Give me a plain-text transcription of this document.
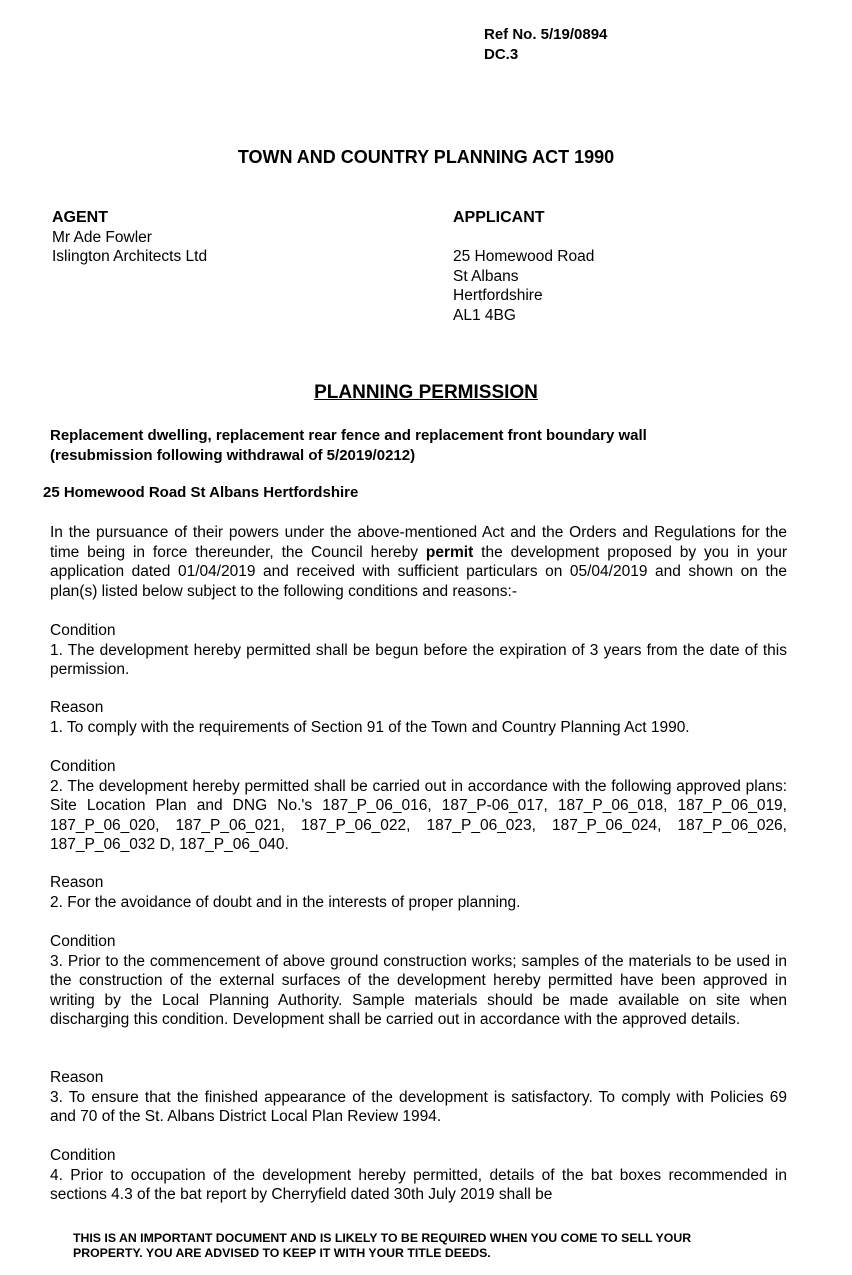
Ref No. 5/19/0894
DC.3
TOWN AND COUNTRY PLANNING ACT 1990
AGENT
Mr Ade Fowler
Islington Architects Ltd
APPLICANT

25 Homewood Road
St Albans
Hertfordshire
AL1 4BG
PLANNING PERMISSION
Replacement dwelling, replacement rear fence and replacement front boundary wall
(resubmission following withdrawal of 5/2019/0212)
25 Homewood Road St Albans Hertfordshire

In the pursuance of their powers under the above-mentioned Act and the Orders and Regulations for the time being in force thereunder, the Council hereby permit the development proposed by you in your application dated 01/04/2019 and received with sufficient particulars on 05/04/2019 and shown on the plan(s) listed below subject to the following conditions and reasons:-

Condition

1. The development hereby permitted shall be begun before the expiration of 3 years from the date of this permission.

Reason

1. To comply with the requirements of Section 91 of the Town and Country Planning Act 1990.

Condition

2. The development hereby permitted shall be carried out in accordance with the following approved plans: Site Location Plan and DNG No.'s 187_P_06_016, 187_P-06_017, 187_P_06_018, 187_P_06_019, 187_P_06_020, 187_P_06_021, 187_P_06_022, 187_P_06_023, 187_P_06_024, 187_P_06_026, 187_P_06_032 D, 187_P_06_040.

Reason

2. For the avoidance of doubt and in the interests of proper planning.

Condition

3. Prior to the commencement of above ground construction works; samples of the materials to be used in the construction of the external surfaces of the development hereby permitted have been approved in writing by the Local Planning Authority. Sample materials should be made available on site when discharging this condition. Development shall be carried out in accordance with the approved details.

Reason

3. To ensure that the finished appearance of the development is satisfactory. To comply with Policies 69 and 70 of the St. Albans District Local Plan Review 1994.

Condition

4. Prior to occupation of the development hereby permitted, details of the bat boxes recommended in sections 4.3 of the bat report by Cherryfield dated 30th July 2019 shall be

THIS IS AN IMPORTANT DOCUMENT AND IS LIKELY TO BE REQUIRED WHEN YOU COME TO SELL YOUR
PROPERTY. YOU ARE ADVISED TO KEEP IT WITH YOUR TITLE DEEDS.
